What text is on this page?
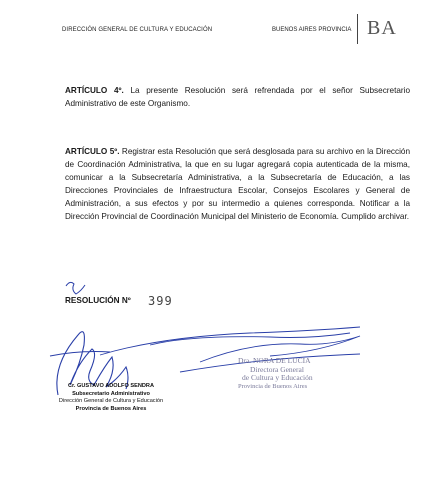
DIRECCIÓN GENERAL DE CULTURA Y EDUCACIÓN	BUENOS AIRES PROVINCIA BA
ARTÍCULO 4º. La presente Resolución será refrendada por el señor Subsecretario Administrativo de este Organismo.
ARTÍCULO 5º. Registrar esta Resolución que será desglosada para su archivo en la Dirección de Coordinación Administrativa, la que en su lugar agregará copia autenticada de la misma, comunicar a la Subsecretaría Administrativa, a la Subsecretaría de Educación, a las Direcciones Provinciales de Infraestructura Escolar, Consejos Escolares y General de Administración, a sus efectos y por su intermedio a quienes corresponda. Notificar a la Dirección Provincial de Coordinación Municipal del Ministerio de Economía. Cumplido archivar.
RESOLUCIÓN Nº 399
Cr. GUSTAVO ADOLFO SENDRA
Subsecretario Administrativo
Dirección General de Cultura y Educación
Provincia de Buenos Aires
Dra. NORA DE LUCIA
Directora General
de Cultura y Educación
Provincia de Buenos Aires
